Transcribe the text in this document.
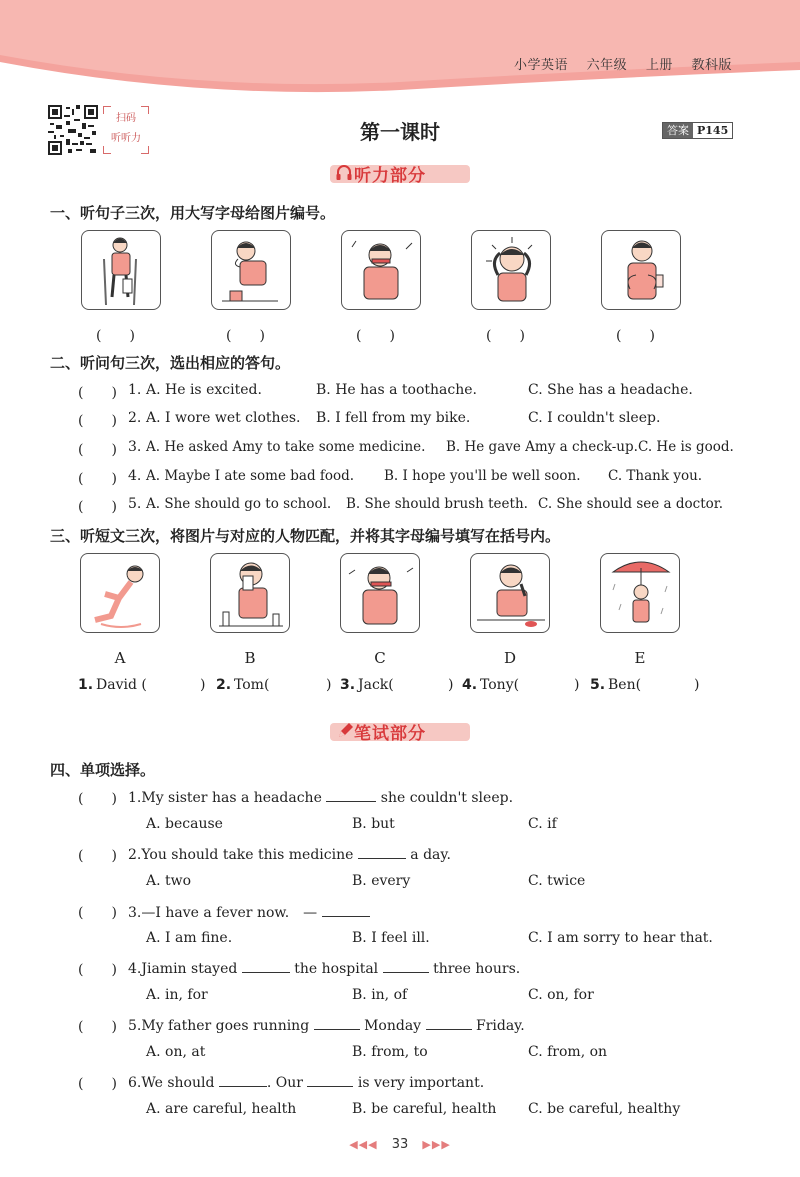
小学英语 六年级 上册 教科版
扫码
听听力	第一课时	答案 P145
听力部分
一、听句子三次，用大写字母给图片编号。
(　　)	(　　)	(　　)	(　　)	(　　)
二、听问句三次，选出相应的答句。
(　　) 1. A. He is excited.	B. He has a toothache.	C. She has a headache.
(　　) 2. A. I wore wet clothes. B. I fell from my bike.	C. I couldn't sleep.
(　　) 3. A. He asked Amy to take some medicine. B. He gave Amy a check-up. C. He is good.
(　　) 4. A. Maybe I ate some bad food. B. I hope you'll be well soon. C. Thank you.
(　　) 5. A. She should go to school. B. She should brush teeth. C. She should see a doctor.
三、听短文三次，将图片与对应的人物匹配，并将其字母编号填写在括号内。
A	B	C	D	E
1. David (	) 2. Tom(	) 3. Jack(	) 4. Tony(	) 5. Ben(	)
笔试部分
四、单项选择。
(　　) 1.My sister has a headache	she couldn't sleep.
A. because	B. but	C. if
(　　) 2.You should take this medicine	a day.
A. two	B. every	C. twice
(　　) 3.—I have a fever now.　—
A. I am fine.	B. I feel ill.	C. I am sorry to hear that.
(　　) 4.Jiamin stayed	the hospital	three hours.
A. in, for	B. in, of	C. on, for
(　　) 5.My father goes running	Monday	Friday.
A. on, at	B. from, to	C. from, on
(　　) 6.We should	. Our	is very important.
A. are careful, health	B. be careful, health C. be careful, healthy
◀◀◀ 33 ▶▶▶
